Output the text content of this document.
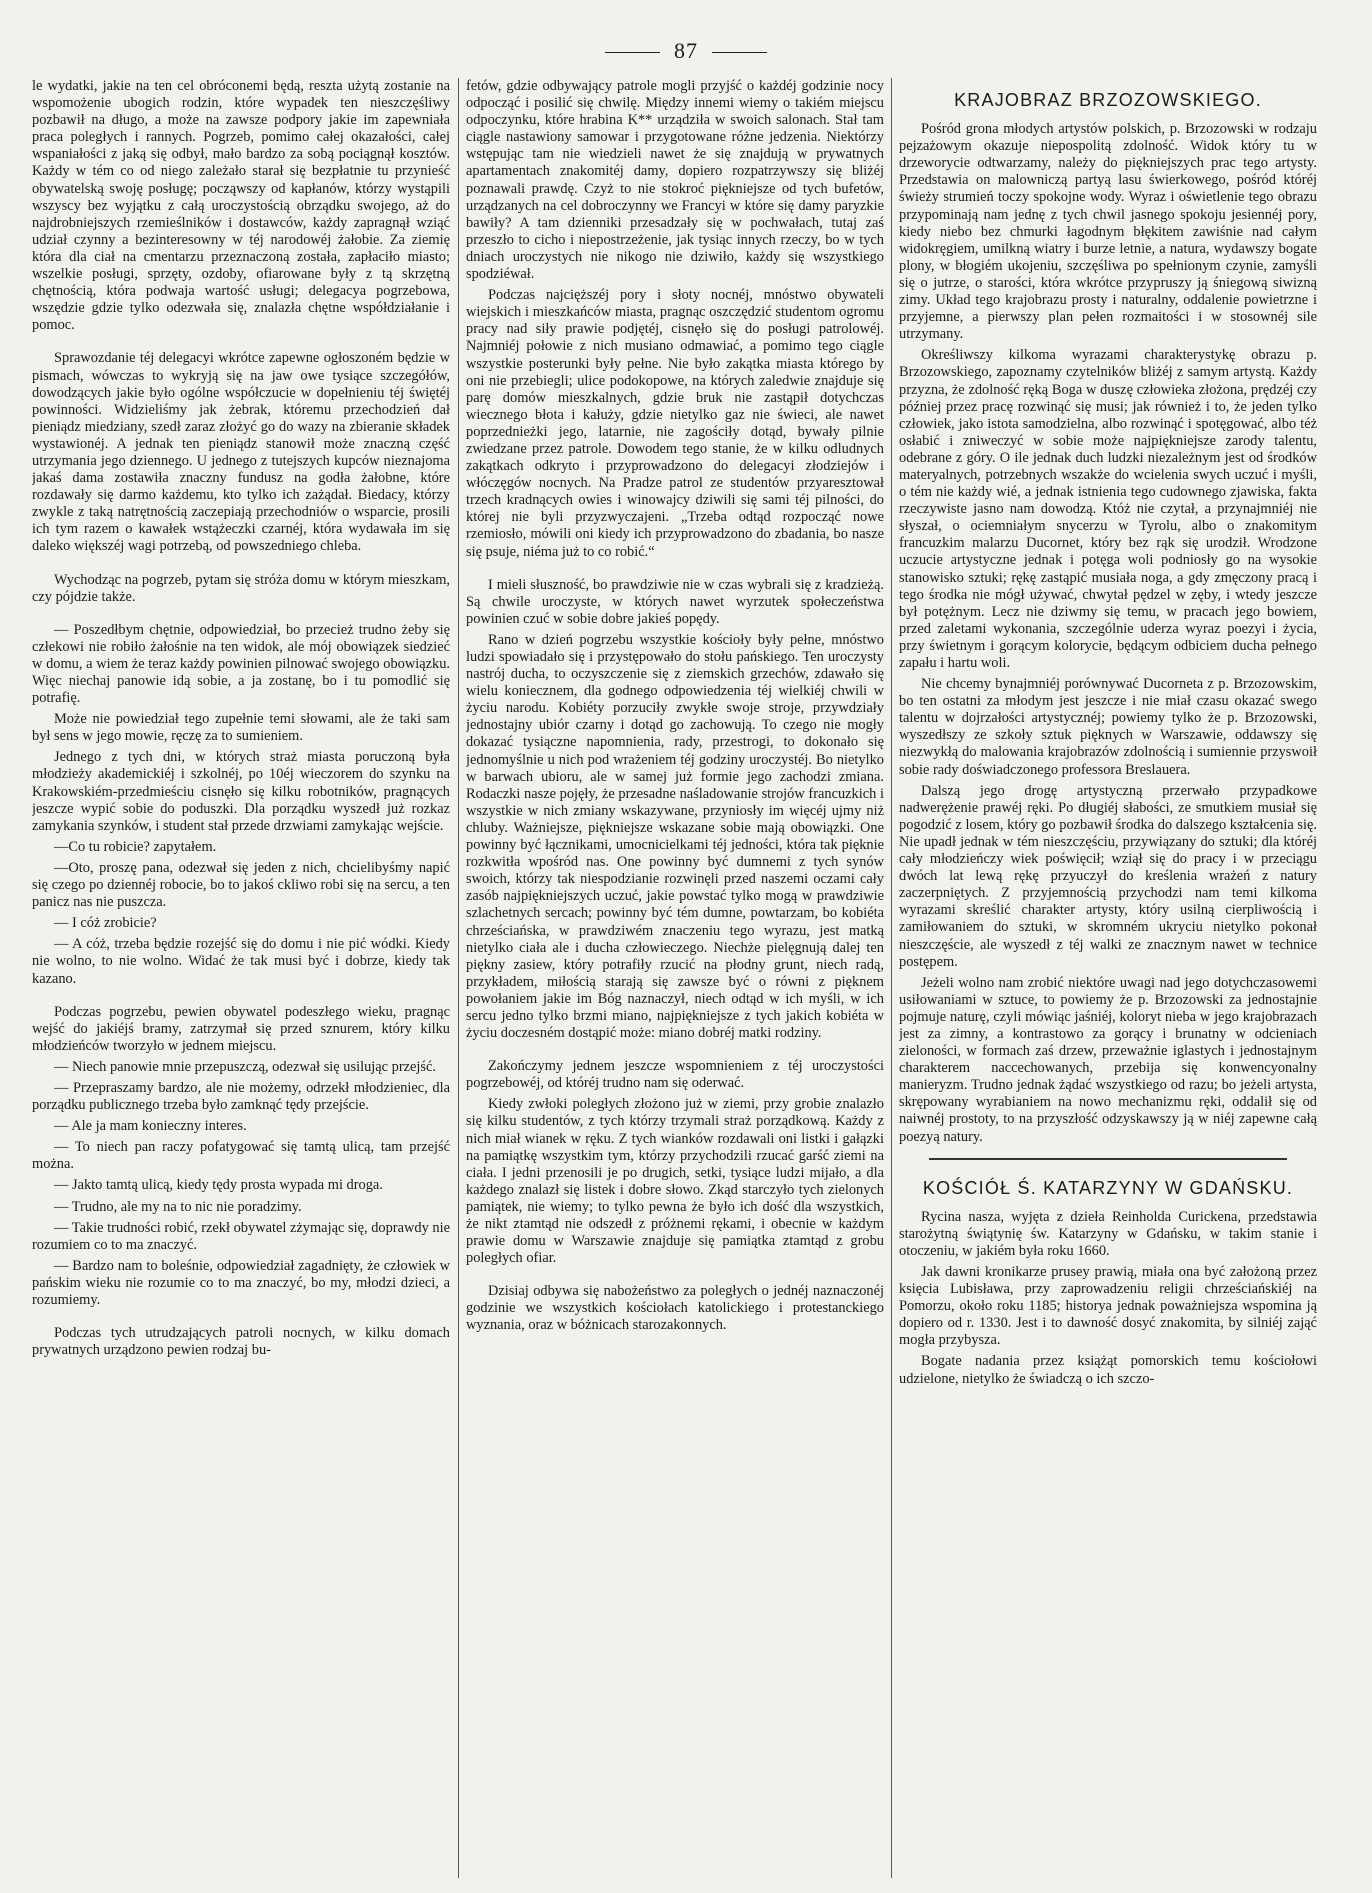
87

le wydatki, jakie na ten cel obróconemi będą, reszta użytą zostanie na wspomożenie ubogich rodzin, które wypadek ten nieszczęśliwy pozbawił na długo, a może na zawsze podpory jakie im zapewniała praca poległych i rannych. Pogrzeb, pomimo całej okazałości, całej wspaniałości z jaką się odbył, mało bardzo za sobą pociągnął kosztów. Każdy w tém co od niego zależało starał się bezpłatnie tu przynieść obywatelską swoję posługę; począwszy od kapłanów, którzy wystąpili wszyscy bez wyjątku z całą uroczystością obrządku swojego, aż do najdrobniejszych rzemieślników i dostawców, każdy zapragnął wziąć udział czynny a bezinteresowny w téj narodowéj żałobie. Za ziemię która dla ciał na cmentarzu przeznaczoną została, zapłaciło miasto; wszelkie posługi, sprzęty, ozdoby, ofiarowane były z tą skrzętną chętnością, która podwaja wartość usługi; delegacya pogrzebowa, wszędzie gdzie tylko odezwała się, znalazła chętne współdziałanie i pomoc.

Sprawozdanie téj delegacyi wkrótce zapewne ogłoszoném będzie w pismach, wówczas to wykryją się na jaw owe tysiące szczegółów, dowodzących jakie było ogólne współczucie w dopełnieniu téj świętéj powinności. Widzieliśmy jak żebrak, któremu przechodzień dał pieniądz miedziany, szedł zaraz złożyć go do wazy na zbieranie składek wystawionéj. A jednak ten pieniądz stanowił może znaczną część utrzymania jego dziennego. U jednego z tutejszych kupców nieznajoma jakaś dama zostawiła znaczny fundusz na godła żałobne, które rozdawały się darmo każdemu, kto tylko ich zażądał. Biedacy, którzy zwykle z taką natrętnością zaczepiają przechodniów o wsparcie, prosili ich tym razem o kawałek wstążeczki czarnéj, która wydawała im się daleko większéj wagi potrzebą, od powszedniego chleba.

Wychodząc na pogrzeb, pytam się stróża domu w którym mieszkam, czy pójdzie także.

— Poszedłbym chętnie, odpowiedział, bo przecież trudno żeby się człekowi nie robiło żałośnie na ten widok, ale mój obowiązek siedzieć w domu, a wiem że teraz każdy powinien pilnować swojego obowiązku. Więc niechaj panowie idą sobie, a ja zostanę, bo i tu pomodlić się potrafię.

Może nie powiedział tego zupełnie temi słowami, ale że taki sam był sens w jego mowie, ręczę za to sumieniem.

Jednego z tych dni, w których straż miasta poruczoną była młodzieży akademickiéj i szkolnéj, po 10éj wieczorem do szynku na Krakowskiém-przedmieściu cisnęło się kilku robotników, pragnących jeszcze wypić sobie do poduszki. Dla porządku wyszedł już rozkaz zamykania szynków, i student stał przede drzwiami zamykając wejście.

—Co tu robicie? zapytałem.

—Oto, proszę pana, odezwał się jeden z nich, chcielibyśmy napić się czego po dziennéj robocie, bo to jakoś ckliwo robi się na sercu, a ten panicz nas nie puszcza.

— I cóż zrobicie?

— A cóż, trzeba będzie rozejść się do domu i nie pić wódki. Kiedy nie wolno, to nie wolno. Widać że tak musi być i dobrze, kiedy tak kazano.

Podczas pogrzebu, pewien obywatel podeszłego wieku, pragnąc wejść do jakiéjś bramy, zatrzymał się przed sznurem, który kilku młodzieńców tworzyło w jednem miejscu.

— Niech panowie mnie przepuszczą, odezwał się usilując przejść.

— Przepraszamy bardzo, ale nie możemy, odrzekł młodzieniec, dla porządku publicznego trzeba było zamknąć tędy przejście.

— Ale ja mam konieczny interes.

— To niech pan raczy pofatygować się tamtą ulicą, tam przejść można.

— Jakto tamtą ulicą, kiedy tędy prosta wypada mi droga.

— Trudno, ale my na to nic nie poradzimy.

— Takie trudności robić, rzekł obywatel zżymając się, doprawdy nie rozumiem co to ma znaczyć.

— Bardzo nam to boleśnie, odpowiedział zagadnięty, że człowiek w pańskim wieku nie rozumie co to ma znaczyć, bo my, młodzi dzieci, a rozumiemy.

Podczas tych utrudzających patroli nocnych, w kilku domach prywatnych urządzono pewien rodzaj bu-

fetów, gdzie odbywający patrole mogli przyjść o każdéj godzinie nocy odpocząć i posilić się chwilę. Między innemi wiemy o takiém miejscu odpoczynku, które hrabina K** urządziła w swoich salonach. Stał tam ciągle nastawiony samowar i przygotowane różne jedzenia. Niektórzy wstępując tam nie wiedzieli nawet że się znajdują w prywatnych apartamentach znakomitéj damy, dopiero rozpatrzywszy się bliżéj poznawali prawdę. Czyż to nie stokroć piękniejsze od tych bufetów, urządzanych na cel dobroczynny we Francyi w które się damy paryzkie bawiły? A tam dzienniki przesadzały się w pochwałach, tutaj zaś przeszło to cicho i niepostrzeżenie, jak tysiąc innych rzeczy, bo w tych dniach uroczystych nie nikogo nie dziwiło, każdy się wszystkiego spodziéwał.

Podczas najcięższéj pory i słoty nocnéj, mnóstwo obywateli wiejskich i mieszkańców miasta, pragnąc oszczędzić studentom ogromu pracy nad siły prawie podjętéj, cisnęło się do posługi patrolowéj. Najmniéj połowie z nich musiano odmawiać, a pomimo tego ciągle wszystkie posterunki były pełne. Nie było zakątka miasta którego by oni nie przebiegli; ulice podokopowe, na których zaledwie znajduje się parę domów mieszkalnych, gdzie bruk nie zastąpił dotychczas wiecznego błota i kałuży, gdzie nietylko gaz nie świeci, ale nawet poprzednieżki jego, latarnie, nie zagościły dotąd, bywały pilnie zwiedzane przez patrole. Dowodem tego stanie, że w kilku odludnych zakątkach odkryto i przyprowadzono do delegacyi złodziejów i włóczęgów nocnych. Na Pradze patrol ze studentów przyaresztował trzech kradnących owies i winowajcy dziwili się sami téj pilności, do której nie byli przyzwyczajeni. „Trzeba odtąd rozpocząć nowe rzemiosło, mówili oni kiedy ich przyprowadzono do zbadania, bo nasze się psuje, niéma już to co robić.“

I mieli słuszność, bo prawdziwie nie w czas wybrali się z kradzieżą. Są chwile uroczyste, w których nawet wyrzutek społeczeństwa powinien czuć w sobie dobre jakieś popędy.

Rano w dzień pogrzebu wszystkie kościoły były pełne, mnóstwo ludzi spowiadało się i przystępowało do stołu pańskiego. Ten uroczysty nastrój ducha, to oczyszczenie się z ziemskich grzechów, zdawało się wielu koniecznem, dla godnego odpowiedzenia téj wielkiéj chwili w życiu narodu. Kobiéty porzuciły zwykłe swoje stroje, przywdziały jednostajny ubiór czarny i dotąd go zachowują. To czego nie mogły dokazać tysiączne napomnienia, rady, przestrogi, to dokonało się jednomyślnie u nich pod wrażeniem téj godziny uroczystéj. Bo nietylko w barwach ubioru, ale w samej już formie jego zachodzi zmiana. Rodaczki nasze pojęły, że przesadne naśladowanie strojów francuzkich i wszystkie w nich zmiany wskazywane, przyniosły im więcéj ujmy niż chluby. Ważniejsze, piękniejsze wskazane sobie mają obowiązki. One powinny być łącznikami, umocnicielkami téj jedności, która tak pięknie rozkwitła wpośród nas. One powinny być dumnemi z tych synów swoich, którzy tak niespodzianie rozwinęli przed naszemi oczami cały zasób najpiękniejszych uczuć, jakie powstać tylko mogą w prawdziwie szlachetnych sercach; powinny być tém dumne, powtarzam, bo kobiéta chrześciańska, w prawdziwém znaczeniu tego wyrazu, jest matką nietylko ciała ale i ducha człowieczego. Niechże pielęgnują dalej ten piękny zasiew, który potrafiły rzucić na płodny grunt, niech radą, przykładem, miłością starają się zawsze być o równi z pięknem powołaniem jakie im Bóg naznaczył, niech odtąd w ich myśli, w ich sercu jedno tylko brzmi miano, najpiękniejsze z tych jakich kobiéta w życiu doczesném dostąpić może: miano dobréj matki rodziny.

Zakończymy jednem jeszcze wspomnieniem z téj uroczystości pogrzebowéj, od któréj trudno nam się oderwać.

Kiedy zwłoki poległych złożono już w ziemi, przy grobie znalazło się kilku studentów, z tych którzy trzymali straż porządkową. Każdy z nich miał wianek w ręku. Z tych wianków rozdawali oni listki i gałązki na pamiątkę wszystkim tym, którzy przychodzili rzucać garść ziemi na ciała. I jedni przenosili je po drugich, setki, tysiące ludzi mijało, a dla każdego znalazł się listek i dobre słowo. Zkąd starczyło tych zielonych pamiątek, nie wiemy; to tylko pewna że było ich dość dla wszystkich, że nikt ztamtąd nie odszedł z próżnemi rękami, i obecnie w każdym prawie domu w Warszawie znajduje się pamiątka ztamtąd z grobu poległych ofiar.

Dzisiaj odbywa się nabożeństwo za poległych o jednéj naznaczonéj godzinie we wszystkich kościołach katolickiego i protestanckiego wyznania, oraz w bóżnicach starozakonnych.

KRAJOBRAZ BRZOZOWSKIEGO.

Pośród grona młodych artystów polskich, p. Brzozowski w rodzaju pejzażowym okazuje niepospolitą zdolność. Widok który tu w drzeworycie odtwarzamy, należy do piękniejszych prac tego artysty. Przedstawia on malowniczą partyą lasu świerkowego, pośród któréj świeży strumień toczy spokojne wody. Wyraz i oświetlenie tego obrazu przypominają nam jednę z tych chwil jasnego spokoju jesiennéj pory, kiedy niebo bez chmurki łagodnym błękitem zawiśnie nad całym widokręgiem, umilkną wiatry i burze letnie, a natura, wydawszy bogate plony, w błogiém ukojeniu, szczęśliwa po spełnionym czynie, zamyśli się o jutrze, o starości, która wkrótce przypruszy ją śniegową siwizną zimy. Układ tego krajobrazu prosty i naturalny, oddalenie powietrzne i przyjemne, a pierwszy plan pełen rozmaitości i w stosownéj sile utrzymany.

Określiwszy kilkoma wyrazami charakterystykę obrazu p. Brzozowskiego, zapoznamy czytelników bliżéj z samym artystą. Każdy przyzna, że zdolność ręką Boga w duszę człowieka złożona, prędzéj czy później przez pracę rozwinąć się musi; jak również i to, że jeden tylko człowiek, jako istota samodzielna, albo rozwinąć i spotęgować, albo téż osłabić i zniweczyć w sobie może najpiękniejsze zarody talentu, odebrane z góry. O ile jednak duch ludzki niezależnym jest od środków materyalnych, potrzebnych wszakże do wcielenia swych uczuć i myśli, o tém nie każdy wié, a jednak istnienia tego cudownego zjawiska, fakta rzeczywiste jasno nam dowodzą. Któż nie czytał, a przynajmniéj nie słyszał, o ociemniałym snycerzu w Tyrolu, albo o znakomitym francuzkim malarzu Ducornet, który bez rąk się urodził. Wrodzone uczucie artystyczne jednak i potęga woli podniosły go na wysokie stanowisko sztuki; rękę zastąpić musiała noga, a gdy zmęczony pracą i tego środka nie mógł używać, chwytał pędzel w zęby, i wtedy jeszcze był potężnym. Lecz nie dziwmy się temu, w pracach jego bowiem, przed zaletami wykonania, szczególnie uderza wyraz poezyi i życia, przy świetnym i gorącym kolorycie, będącym odbiciem ducha pełnego zapału i hartu woli.

Nie chcemy bynajmniéj porównywać Ducorneta z p. Brzozowskim, bo ten ostatni za młodym jest jeszcze i nie miał czasu okazać swego talentu w dojrzałości artystycznéj; powiemy tylko że p. Brzozowski, wyszedłszy ze szkoły sztuk pięknych w Warszawie, oddawszy się niezwykłą do malowania krajobrazów zdolnością i sumiennie przyswoił sobie rady doświadczonego professora Breslauera.

Dalszą jego drogę artystyczną przerwało przypadkowe nadwerężenie prawéj ręki. Po długiéj słabości, ze smutkiem musiał się pogodzić z losem, który go pozbawił środka do dalszego kształcenia się. Nie upadł jednak w tém nieszczęściu, przywiązany do sztuki; dla któréj cały młodzieńczy wiek poświęcił; wziął się do pracy i w przeciągu dwóch lat lewą rękę przyuczył do kreślenia wrażeń z natury zaczerpniętych. Z przyjemnością przychodzi nam temi kilkoma wyrazami skreślić charakter artysty, który usilną cierpliwością i zamiłowaniem do sztuki, w skromném ukryciu nietylko pokonał nieszczęście, ale wyszedł z téj walki ze znacznym nawet w technice postępem.

Jeżeli wolno nam zrobić niektóre uwagi nad jego dotychczasowemi usiłowaniami w sztuce, to powiemy że p. Brzozowski za jednostajnie pojmuje naturę, czyli mówiąc jaśniéj, koloryt nieba w jego krajobrazach jest za zimny, a kontrastowo za gorący i brunatny w odcieniach zieloności, w formach zaś drzew, przeważnie iglastych i jednostajnym charakterem naccechowanych, przebija się konwencyonalny manieryzm. Trudno jednak żądać wszystkiego od razu; bo jeżeli artysta, skrępowany wyrabianiem na nowo mechanizmu ręki, oddalił się od naiwnéj prostoty, to na przyszłość odzyskawszy ją w niéj zapewne całą poezyą natury.

KOŚCIÓŁ Ś. KATARZYNY W GDAŃSKU.

Rycina nasza, wyjęta z dzieła Reinholda Curickena, przedstawia starożytną świątynię św. Katarzyny w Gdańsku, w takim stanie i otoczeniu, w jakiém była roku 1660.

Jak dawni kronikarze prusey prawią, miała ona być założoną przez księcia Lubisława, przy zaprowadzeniu religii chrześciańskiéj na Pomorzu, około roku 1185; historya jednak poważniejsza wspomina ją dopiero od r. 1330. Jest i to dawność dosyć znakomita, by silniéj zająć mogła przybysza.

Bogate nadania przez książąt pomorskich temu kościołowi udzielone, nietylko że świadczą o ich szczo-
